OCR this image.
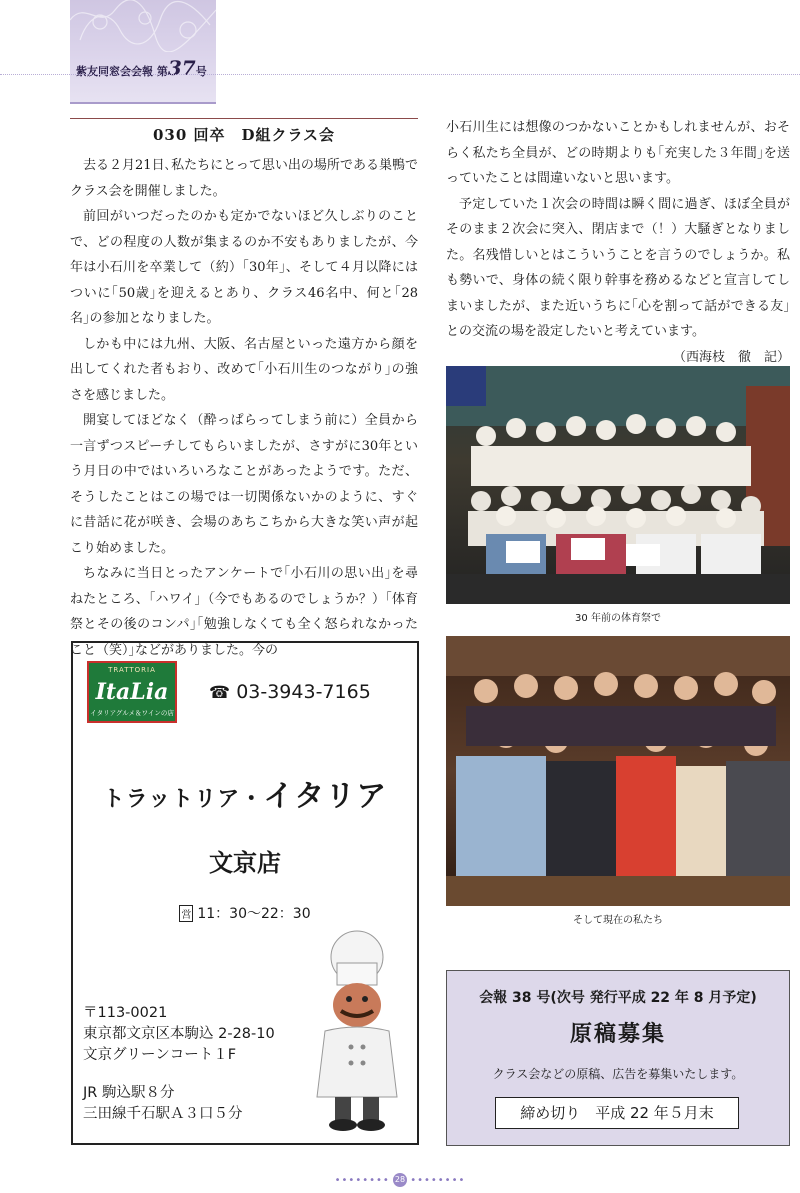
紫友同窓会会報 第37号
030 回卒　D組クラス会

去る２月21日､私たちにとって思い出の場所である巣鴨でクラス会を開催しました。

前回がいつだったのかも定かでないほど久しぶりのことで、どの程度の人数が集まるのか不安もありましたが、今年は小石川を卒業して（約）｢30年｣、そして４月以降にはついに｢50歳｣を迎えるとあり、クラス46名中、何と｢28名｣の参加となりました。

しかも中には九州、大阪、名古屋といった遠方から顔を出してくれた者もおり、改めて｢小石川生のつながり｣の強さを感じました。

開宴してほどなく（酔っぱらってしまう前に）全員から一言ずつスピーチしてもらいましたが、さすがに30年という月日の中ではいろいろなことがあったようです。ただ、そうしたことはこの場では一切関係ないかのように、すぐに昔話に花が咲き、会場のあちこちから大きな笑い声が起こり始めました。

ちなみに当日とったアンケートで｢小石川の思い出｣を尋ねたところ、｢ハワイ｣（今でもあるのでしょうか？）｢体育祭とその後のコンパ｣｢勉強しなくても全く怒られなかったこと（笑）｣などがありました。今の

小石川生には想像のつかないことかもしれませんが、おそらく私たち全員が、どの時期よりも｢充実した３年間｣を送っていたことは間違いないと思います。

予定していた１次会の時間は瞬く間に過ぎ、ほぼ全員がそのまま２次会に突入、閉店まで（！）大騒ぎとなりました。名残惜しいとはこういうことを言うのでしょうか。私も勢いで、身体の続く限り幹事を務めるなどと宣言してしまいましたが、また近いうちに｢心を割って話ができる友｣との交流の場を設定したいと考えています。

（西海枝　徹　記）
30 年前の体育祭で
そして現在の私たち
TRATTORIA
ItaLia
イタリアグルメ＆ワインの店
☎ 03-3943-7165
トラットリア・イタリア
文京店
営 11：30〜22：30
〒113-0021
東京都文京区本駒込 2-28-10
文京グリーンコート１F
JR 駒込駅８分
三田線千石駅Ａ３口５分
会報 38 号(次号 発行平成 22 年 8 月予定)
原稿募集
クラス会などの原稿、広告を募集いたします。
締め切り　平成 22 年５月末
•••••••• 28 ••••••••
